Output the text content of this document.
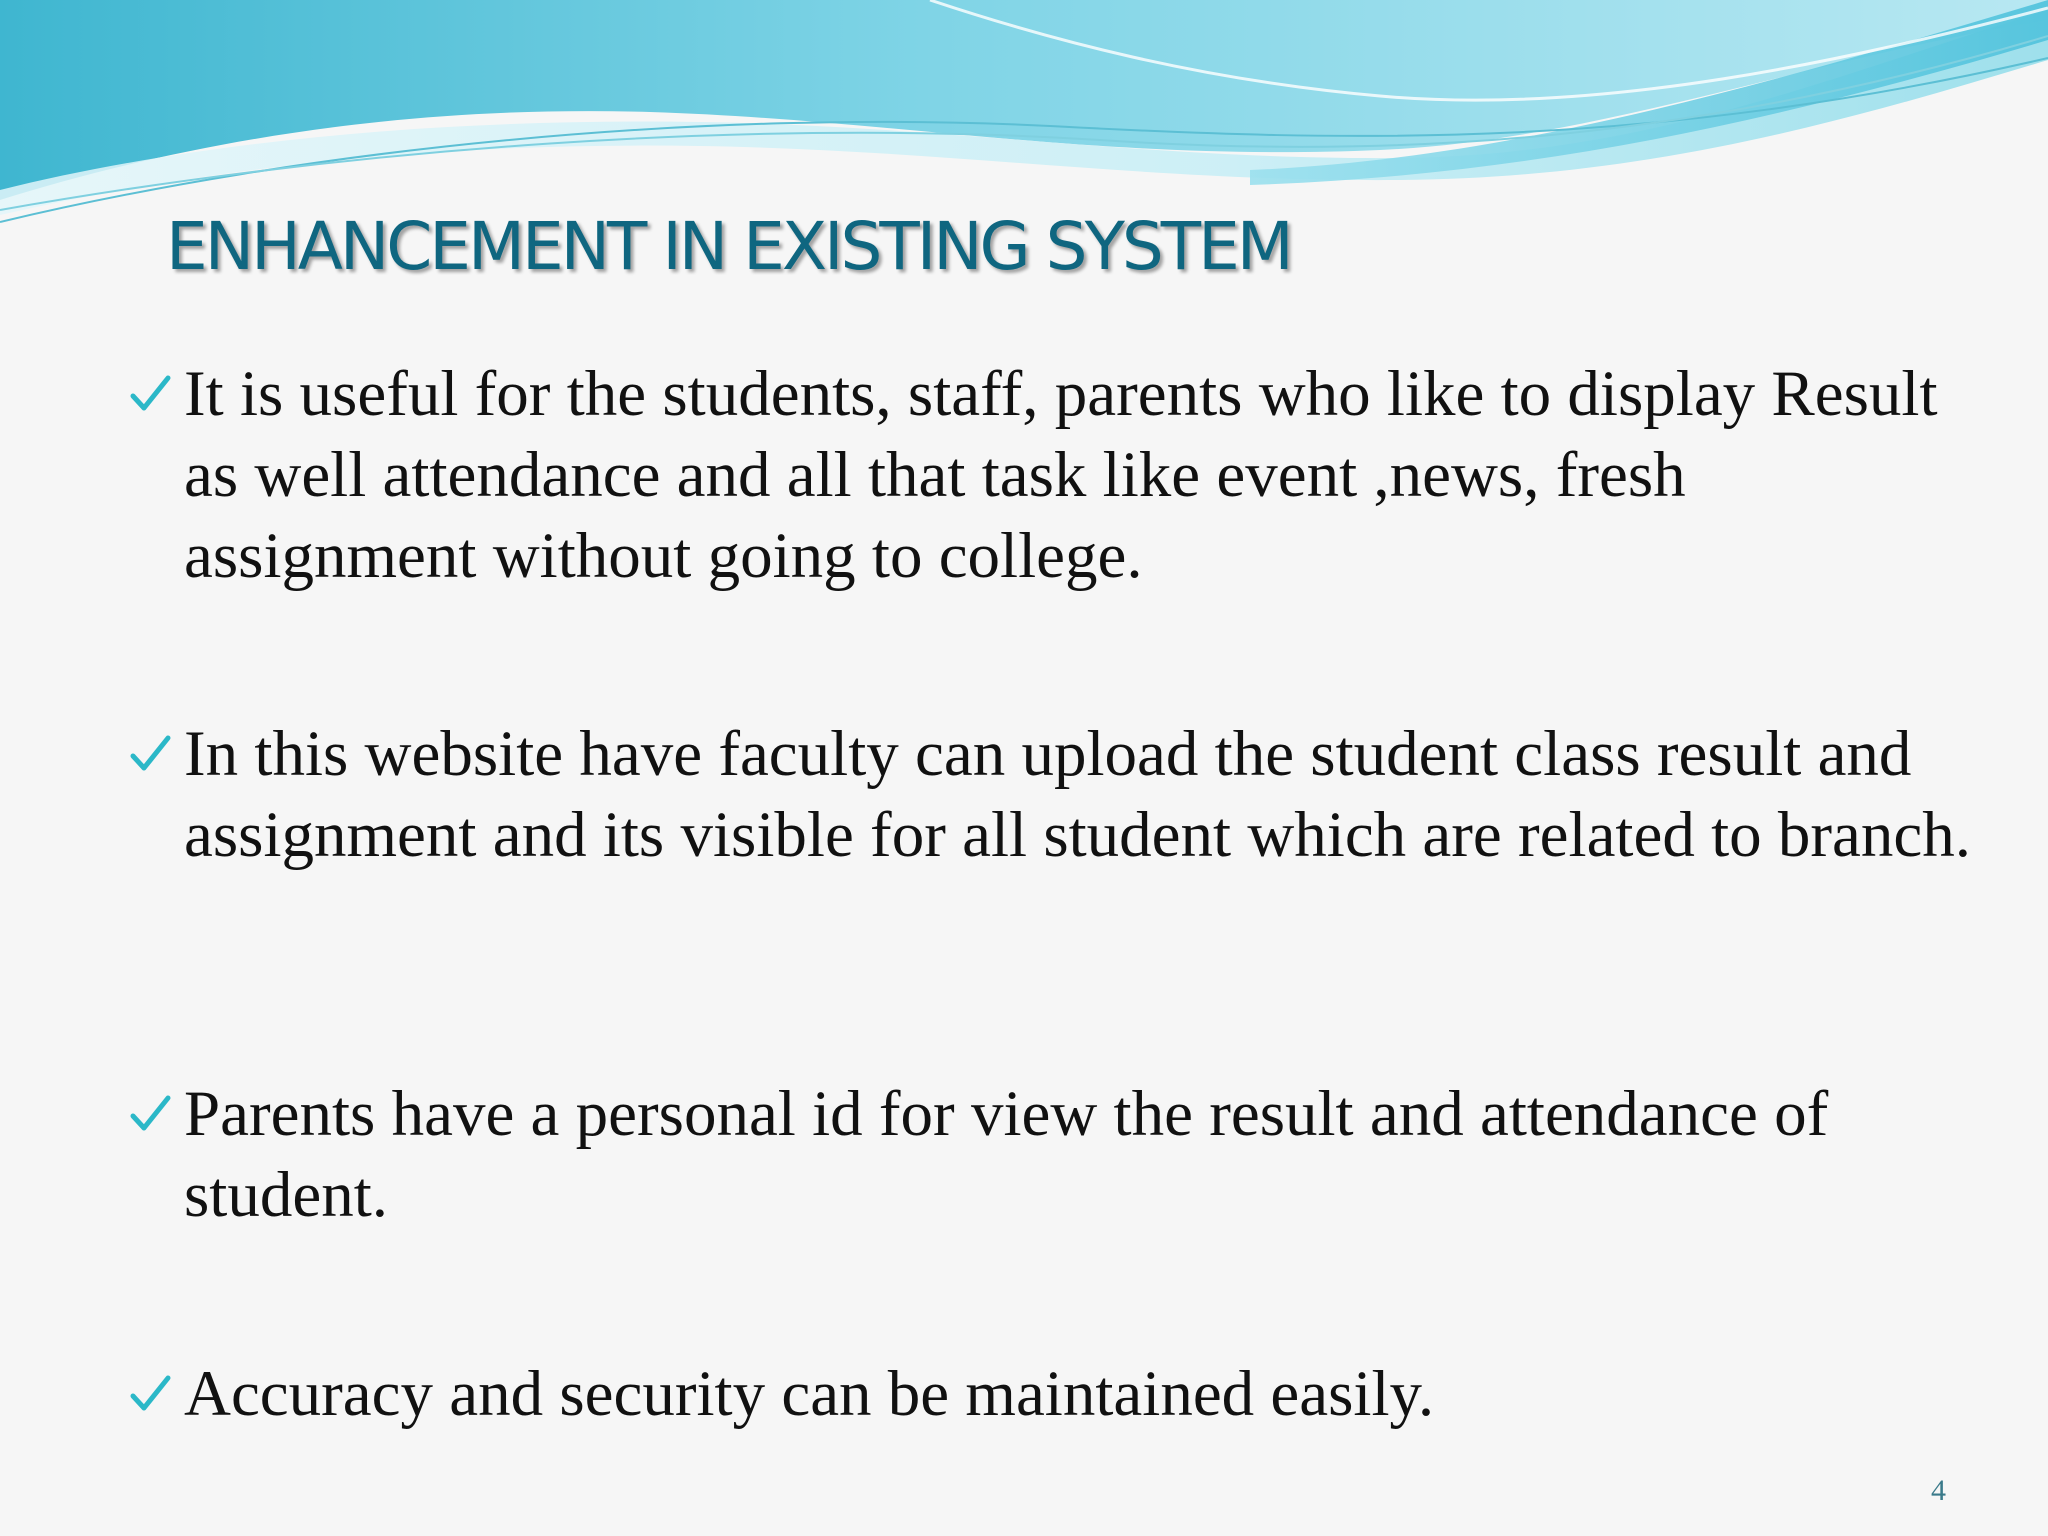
ENHANCEMENT IN EXISTING SYSTEM

It is useful for the students, staff, parents who like to display Result as well attendance and all that task like event ,news, fresh assignment without going to college.

In this website have faculty can upload the student class result and assignment and its visible for all student which are related to branch.

Parents have a personal id for view the result and attendance of student.

Accuracy and security can be maintained easily.

4
